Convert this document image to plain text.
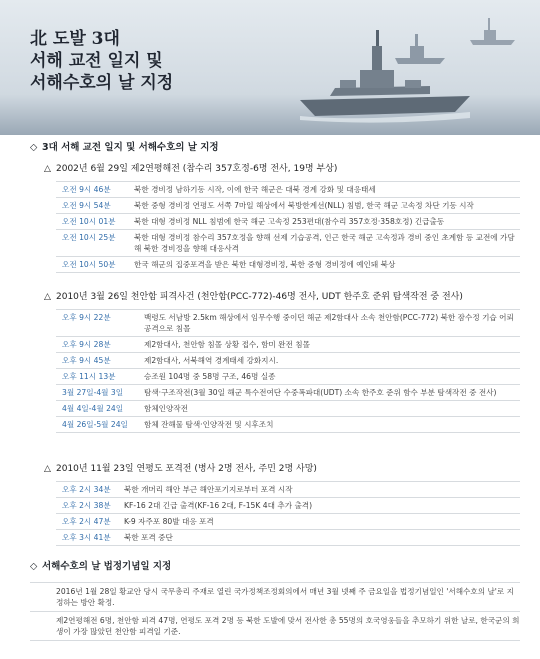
北 도발 3대
서해 교전 일지 및
서해수호의 날 지정
◇ 3대 서해 교전 일지 및 서해수호의 날 지정
△ 2002년 6월 29일 제2연평해전 (참수리 357호정-6명 전사, 19명 부상)
오전 9시 46분	북한 경비정 남하기동 시작, 이에 한국 해군은 대북 경계 강화 및 대응태세
오전 9시 54분	북한 중형 경비정 연평도 서쪽 7마일 해상에서 북방한계선(NLL) 침범, 한국 해군 고속정 차단 기동 시작
오전 10시 01분	북한 대형 경비정 NLL 침범에 한국 해군 고속정 253편대(참수리 357호정·358호정) 긴급출동
오전 10시 25분	북한 대형 경비정 참수리 357호정을 향해 선제 기습공격, 인근 한국 해군 고속정과 경비 중인 초계함 등 교전에 가담해 북한 경비정을 향해 대응사격
오전 10시 50분	한국 해군의 집중포격을 받은 북한 대형경비정, 북한 중형 경비정에 예인돼 북상
△ 2010년 3월 26일 천안함 피격사건 (천안함(PCC-772)-46명 전사, UDT 한주호 준위 탐색작전 중 전사)
오후 9시 22분	백령도 서남방 2.5km 해상에서 임무수행 중이던 해군 제2함대사 소속 천안함(PCC-772) 북한 잠수정 기습 어뢰 공격으로 침몰
오후 9시 28분	제2함대사, 천안함 침몰 상황 접수, 함미 완전 침몰
오후 9시 45분	제2함대사, 서북해역 경계태세 강화지시.
오후 11시 13분	승조원 104명 중 58명 구조, 46명 실종
3월 27일-4월 3일	탐색·구조작전(3월 30일 해군 특수전여단 수중폭파대(UDT) 소속 한주호 준위 함수 부분 탐색작전 중 전사)
4월 4일-4월 24일	함체인양작전
4월 26일-5월 24일	함체 잔해물 탐색·인양작전 및 시후조치
△ 2010년 11월 23일 연평도 포격전 (병사 2명 전사, 주민 2명 사망)
오후 2시 34분	북한 개머리 해안 부근 해안포기지로부터 포격 시작
오후 2시 38분	KF-16 2대 긴급 출격(KF-16 2대, F-15K 4대 추가 출격)
오후 2시 47분	K-9 자주포 80발 대응 포격
오후 3시 41분	북한 포격 중단
◇ 서해수호의 날 법정기념일 지정
2016년 1월 28일 황교안 당시 국무총리 주재로 열린 국가정책조정회의에서 매년 3월 넷째 주 금요일을 법정기념일인 '서해수호의 날'로 지정하는 방안 확정.
제2연평해전 6명, 천안함 피격 47명, 연평도 포격 2명 등 북한 도발에 맞서 전사한 총 55명의 호국영웅들을 추모하기 위한 날로, 한국군의 희생이 가장 많았던 천안함 피격일 기준.
